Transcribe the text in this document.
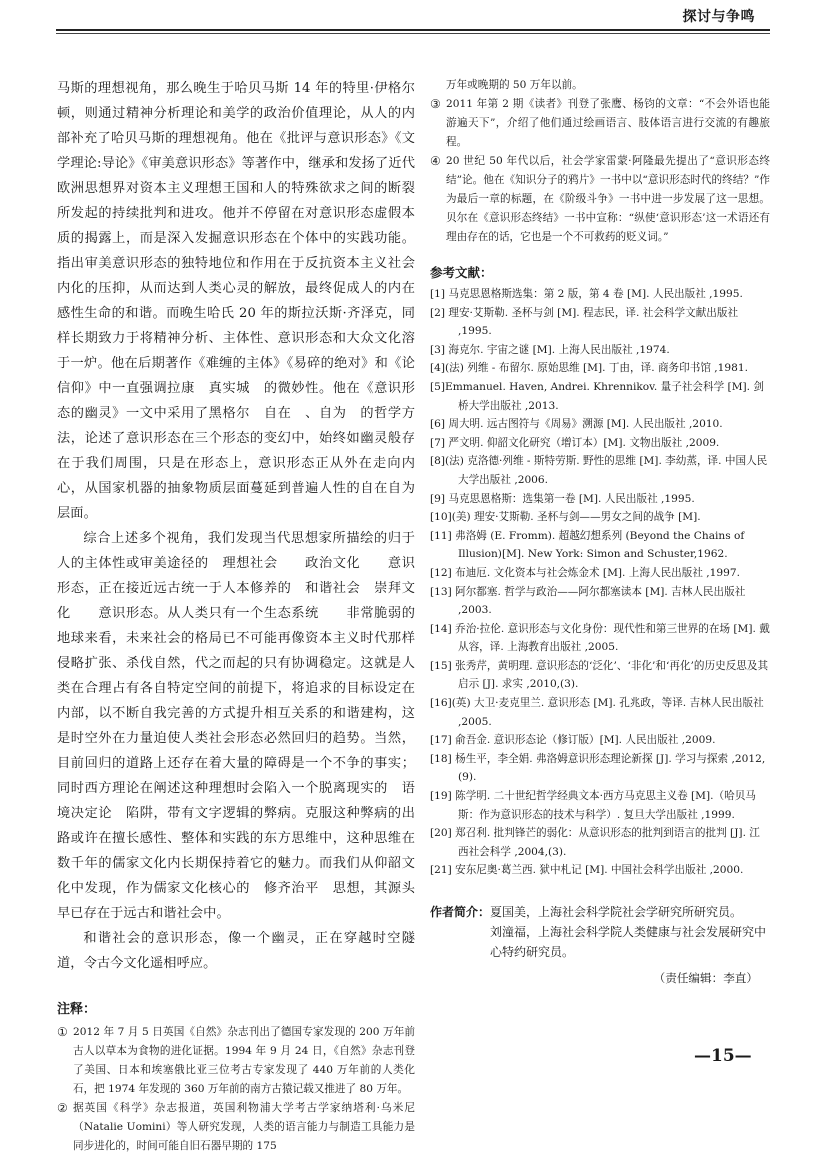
探讨与争鸣

马斯的理想视角，那么晚生于哈贝马斯 14 年的特里·伊格尔顿，则通过精神分析理论和美学的政治价值理论，从人的内部补充了哈贝马斯的理想视角。他在《批评与意识形态》《文学理论:导论》《审美意识形态》等著作中，继承和发扬了近代欧洲思想界对资本主义理想王国和人的特殊欲求之间的断裂所发起的持续批判和进攻。他并不停留在对意识形态虚假本质的揭露上，而是深入发掘意识形态在个体中的实践功能。指出审美意识形态的独特地位和作用在于反抗资本主义社会　内化的压抑，从而达到人类心灵的解放，最终促成人的内在感性生命的和谐。而晚生哈氏 20 年的斯拉沃斯·齐泽克，同样长期致力于将精神分析、主体性、意识形态和大众文化溶于一炉。他在后期著作《难缠的主体》《易碎的绝对》和《论信仰》中一直强调拉康　真实城　的微妙性。他在《意识形态的幽灵》一文中采用了黑格尔　自在　、自为　的哲学方法，论述了意识形态在三个形态的变幻中，始终如幽灵般存在于我们周围，只是在形态上，意识形态正从外在走向内心，从国家机器的抽象物质层面蔓延到普遍人性的自在自为层面。

综合上述多个视角，我们发现当代思想家所描绘的归于人的主体性或审美途径的　理想社会　　政治文化　　意识形态，正在接近远古统一于人本修养的　和谐社会　崇拜文化　　意识形态。从人类只有一个生态系统　　非常脆弱的地球来看，未来社会的格局已不可能再像资本主义时代那样侵略扩张、杀伐自然，代之而起的只有协调稳定。这就是人类在合理占有各自特定空间的前提下，将追求的目标设定在内部，以不断自我完善的方式提升相互关系的和谐建构，这是时空外在力量迫使人类社会形态必然回归的趋势。当然，目前回归的道路上还存在着大量的障碍是一个不争的事实；同时西方理论在阐述这种理想时会陷入一个脱离现实的　语境决定论　陷阱，带有文字逻辑的弊病。克服这种弊病的出路或许在擅长感性、整体和实践的东方思维中，这种思维在数千年的儒家文化内长期保持着它的魅力。而我们从仰韶文化中发现，作为儒家文化核心的　修齐治平　思想，其源头早已存在于远古和谐社会中。

和谐社会的意识形态，像一个幽灵，正在穿越时空隧道，令古今文化遥相呼应。

注释：
① 2012 年 7 月 5 日英国《自然》杂志刊出了德国专家发现的 200 万年前古人以草本为食物的进化证据。1994 年 9 月 24 日，《自然》杂志刊登了美国、日本和埃塞俄比亚三位考古专家发现了 440 万年前的人类化石，把 1974 年发现的 360 万年前的南方古猿记载又推进了 80 万年。
② 据英国《科学》杂志报道，英国利物浦大学考古学家纳塔利·乌米尼（Natalie Uomini）等人研究发现，人类的语言能力与制造工具能力是同步进化的，时间可能自旧石器早期的 175
万年或晚期的 50 万年以前。
③ 2011 年第 2 期《读者》刊登了张鹰、杨钧的文章：“不会外语也能游遍天下”，介绍了他们通过绘画语言、肢体语言进行交流的有趣旅程。
④ 20 世纪 50 年代以后，社会学家雷蒙·阿隆最先提出了“意识形态终结”论。他在《知识分子的鸦片》一书中以“意识形态时代的终结？”作为最后一章的标题，在《阶级斗争》一书中进一步发展了这一思想。贝尔在《意识形态终结》一书中宣称：“纵使‘意识形态’这一术语还有理由存在的话，它也是一个不可救药的贬义词。”
参考文献：

[1] 马克思恩格斯选集：第 2 版，第 4 卷 [M]. 人民出版社 ,1995.

[2] 理安·艾斯勒. 圣杯与剑 [M]. 程志民，译. 社会科学文献出版社 ,1995.

[3] 海克尔. 宇宙之谜 [M]. 上海人民出版社 ,1974.

[4](法) 列维 - 布留尔. 原始思维 [M]. 丁由，译. 商务印书馆 ,1981.

[5]Emmanuel. Haven, Andrei. Khrennikov. 量子社会科学 [M]. 剑桥大学出版社 ,2013.

[6] 周大明. 远古图符与《周易》溯源 [M]. 人民出版社 ,2010.

[7] 严文明. 仰韶文化研究（增订本）[M]. 文物出版社 ,2009.

[8](法) 克洛德·列维 - 斯特劳斯. 野性的思维 [M]. 李幼蒸，译. 中国人民大学出版社 ,2006.

[9] 马克思恩格斯：选集第一卷 [M]. 人民出版社 ,1995.

[10](美) 理安·艾斯勒. 圣杯与剑——男女之间的战争 [M].

[11] 弗洛姆 (E. Fromm). 超越幻想系列 (Beyond the Chains of Illusion)[M]. New York: Simon and Schuster,1962.

[12] 布迪厄. 文化资本与社会炼金术 [M]. 上海人民出版社 ,1997.

[13] 阿尔都塞. 哲学与政治——阿尔都塞读本 [M]. 吉林人民出版社 ,2003.

[14] 乔治·拉伦. 意识形态与文化身份：现代性和第三世界的在场 [M]. 戴从容，译. 上海教育出版社 ,2005.

[15] 张秀芹，黄明理. 意识形态的‘泛化’、‘非化’和‘再化’的历史反思及其启示 [J]. 求实 ,2010,(3).

[16](英) 大卫·麦克里兰. 意识形态 [M]. 孔兆政，等译. 吉林人民出版社 ,2005.

[17] 俞吾金. 意识形态论（修订版）[M]. 人民出版社 ,2009.

[18] 杨生平，李全娟. 弗洛姆意识形态理论新探 [J]. 学习与探索 ,2012,(9).

[19] 陈学明. 二十世纪哲学经典文本·西方马克思主义卷 [M].（哈贝马斯：作为意识形态的技术与科学）. 复旦大学出版社 ,1999.

[20] 郑召利. 批判锋芒的弱化：从意识形态的批判到语言的批判 [J]. 江西社会科学 ,2004,(3).

[21] 安东尼奥·葛兰西. 狱中札记 [M]. 中国社会科学出版社 ,2000.

作者简介：夏国美，上海社会科学院社会学研究所研究员。

刘潼福，上海社会科学院人类健康与社会发展研究中心特约研究员。

（责任编辑：李直）

—15—
